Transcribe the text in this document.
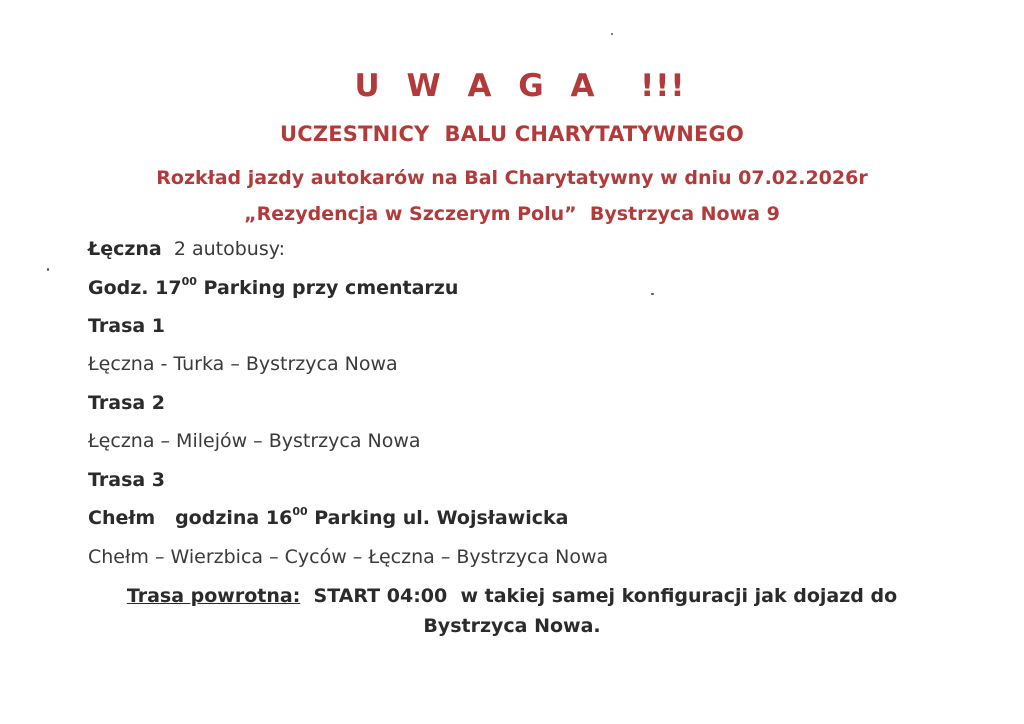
U W A G A !!!
UCZESTNICY  BALU CHARYTATYWNEGO
Rozkład jazdy autokarów na Bal Charytatywny w dniu 07.02.2026r
„Rezydencja w Szczerym Polu”  Bystrzyca Nowa 9
Łęczna 2 autobusy:
Godz. $17^{00}$ Parking przy cmentarzu
Trasa 1
Łęczna - Turka – Bystrzyca Nowa
Trasa 2
Łęczna – Milejów – Bystrzyca Nowa
Trasa 3
Chełm godzina $16^{00}$ Parking ul. Wojsławicka
Chełm – Wierzbica – Cyców – Łęczna – Bystrzyca Nowa
Trasa powrotna: START 04:00  w takiej samej konfiguracji jak dojazd do
Bystrzyca Nowa.
